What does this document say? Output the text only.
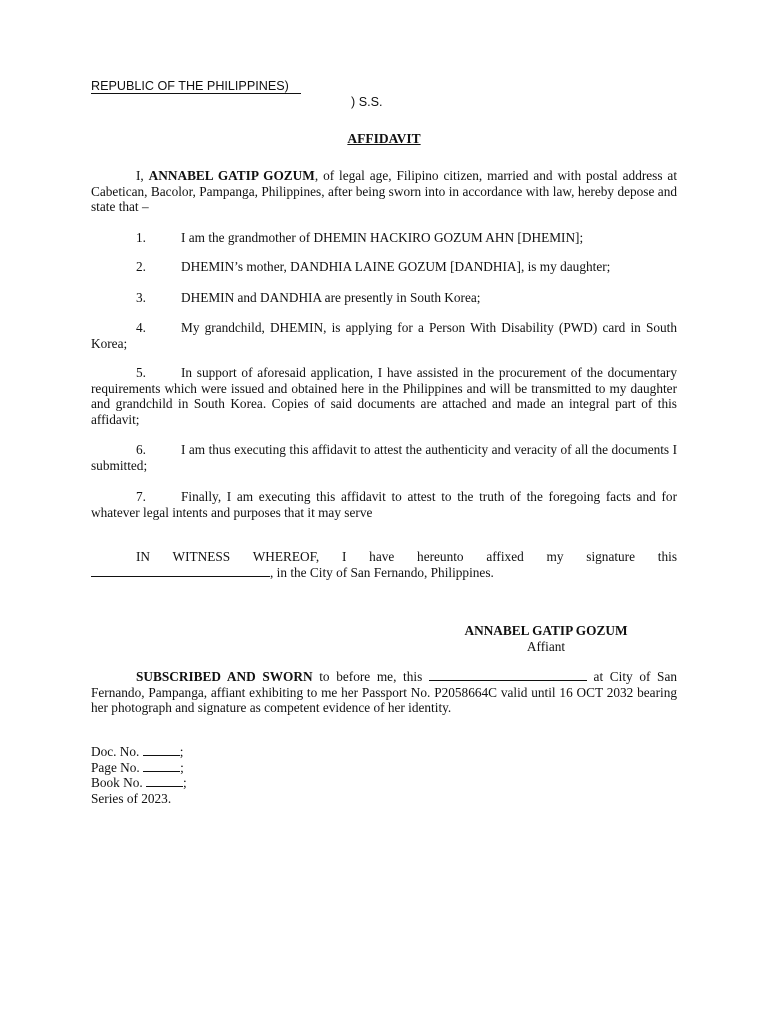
REPUBLIC OF THE PHILIPPINES)
) S.S.
AFFIDAVIT
I, ANNABEL GATIP GOZUM, of legal age, Filipino citizen, married and with postal address at Cabetican, Bacolor, Pampanga, Philippines, after being sworn into in accordance with law, hereby depose and state that –
1.	I am the grandmother of DHEMIN HACKIRO GOZUM AHN [DHEMIN];
2.	DHEMIN’s mother, DANDHIA LAINE GOZUM [DANDHIA], is my daughter;
3.	DHEMIN and DANDHIA are presently in South Korea;
4.	My grandchild, DHEMIN, is applying for a Person With Disability (PWD) card in South Korea;
5.	In support of aforesaid application, I have assisted in the procurement of the documentary requirements which were issued and obtained here in the Philippines and will be transmitted to my daughter and grandchild in South Korea. Copies of said documents are attached and made an integral part of this affidavit;
6.	I am thus executing this affidavit to attest the authenticity and veracity of all the documents I submitted;
7.	Finally, I am executing this affidavit to attest to the truth of the foregoing facts and for whatever legal intents and purposes that it may serve
IN WITNESS WHEREOF, I have hereunto affixed my signature this
, in the City of San Fernando, Philippines.
ANNABEL GATIP GOZUM
Affiant
SUBSCRIBED AND SWORN to before me, this	at City of San Fernando, Pampanga, affiant exhibiting to me her Passport No. P2058664C valid until 16 OCT 2032 bearing her photograph and signature as competent evidence of her identity.
Doc. No.	;
Page No.	;
Book No.	;
Series of 2023.
